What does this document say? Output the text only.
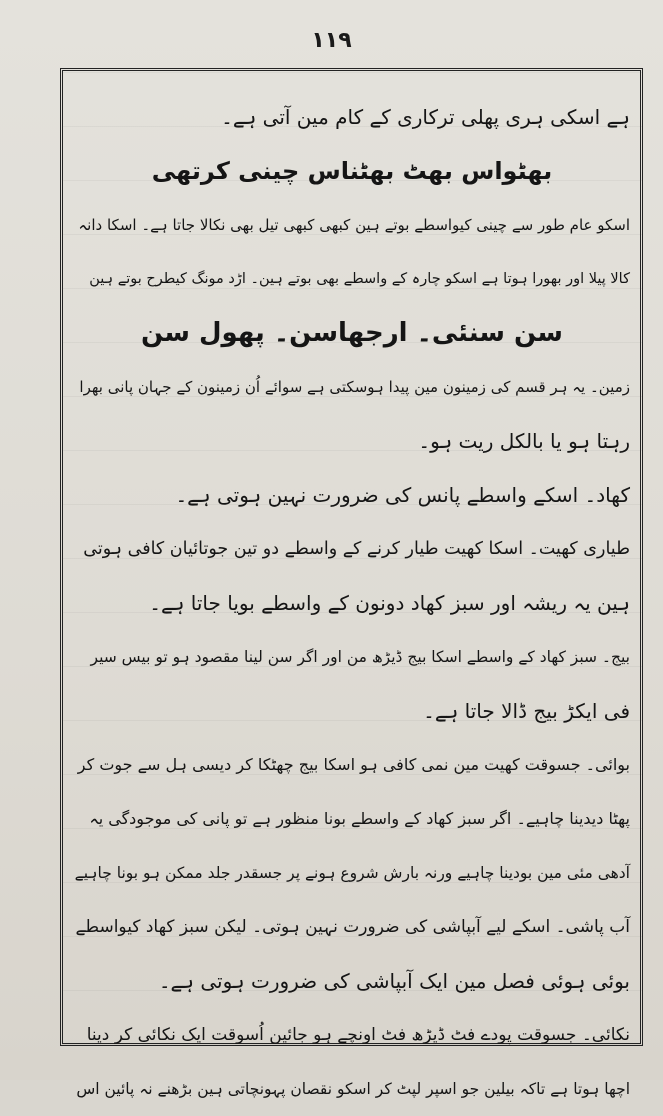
۱۱۹
ہے اسکی ہری پھلی ترکاری کے کام مین آتی ہے۔
بھٹواس بھٹ بھٹناس چینی کرتھی
اسکو عام طور سے چینی کیواسطے بوتے ہین کبھی کبھی تیل بھی نکالا جاتا ہے۔ اسکا دانہ
کالا پیلا اور بھورا ہوتا ہے اسکو چارہ کے واسطے بھی بوتے ہین۔ اڑد مونگ کیطرح بوتے ہین
سن سنئی۔ ارجھاسن۔ پھول سن
زمین۔ یہ ہر قسم کی زمینون مین پیدا ہوسکتی ہے سوائے اُن زمینون کے جہان پانی بھرا
رہتا ہو یا بالکل ریت ہو۔
کھاد۔ اسکے واسطے پانس کی ضرورت نہین ہوتی ہے۔
طیاری کھیت۔ اسکا کھیت طیار کرنے کے واسطے دو تین جوتائیان کافی ہوتی
ہین یہ ریشہ اور سبز کھاد دونون کے واسطے بویا جاتا ہے۔
بیج۔ سبز کھاد کے واسطے اسکا بیج ڈیڑھ من اور اگر سن لینا مقصود ہو تو بیس سیر
فی ایکڑ بیج ڈالا جاتا ہے۔
بوائی۔ جسوقت کھیت مین نمی کافی ہو اسکا بیج چھٹکا کر دیسی ہل سے جوت کر
پھٹا دیدینا چاہیے۔ اگر سبز کھاد کے واسطے بونا منظور ہے تو پانی کی موجودگی یہ
آدھی مئی مین بودینا چاہیے ورنہ بارش شروع ہونے پر جسقدر جلد ممکن ہو بونا چاہیے
آب پاشی۔ اسکے لیے آبپاشی کی ضرورت نہین ہوتی۔ لیکن سبز کھاد کیواسطے
بوئی ہوئی فصل مین ایک آبپاشی کی ضرورت ہوتی ہے۔
نکائی۔ جسوقت پودے فٹ ڈیڑھ فٹ اونچے ہو جائین اُسوقت ایک نکائی کر دینا
اچھا ہوتا ہے تاکہ بیلین جو اسپر لپٹ کر اسکو نقصان پہونچاتی ہین بڑھنے نہ پائین اس
